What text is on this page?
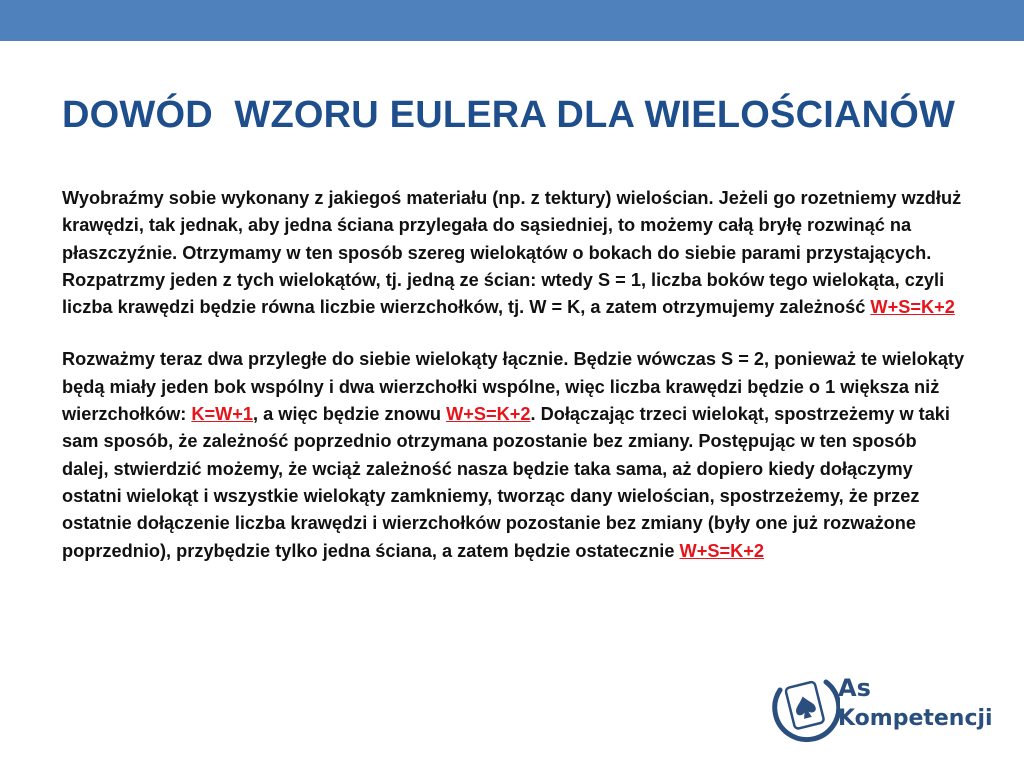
DOWÓD  WZORU EULERA DLA WIELOŚCIANÓW

Wyobraźmy sobie wykonany z jakiegoś materiału (np. z tektury) wielościan. Jeżeli go rozetniemy wzdłuż krawędzi, tak jednak, aby jedna ściana przylegała do sąsiedniej, to możemy całą bryłę rozwinąć na płaszczyźnie. Otrzymamy w ten sposób szereg wielokątów o bokach do siebie parami przystających. Rozpatrzmy jeden z tych wielokątów, tj. jedną ze ścian: wtedy S = 1, liczba boków tego wielokąta, czyli liczba krawędzi będzie równa liczbie wierzchołków, tj. W = K, a zatem otrzymujemy zależność W+S=K+2

Rozważmy teraz dwa przyległe do siebie wielokąty łącznie. Będzie wówczas S = 2, ponieważ te wielokąty będą miały jeden bok wspólny i dwa wierzchołki wspólne, więc liczba krawędzi będzie o 1 większa niż wierzchołków: K=W+1, a więc będzie znowu W+S=K+2. Dołączając trzeci wielokąt, spostrzeżemy w taki sam sposób, że zależność poprzednio otrzymana pozostanie bez zmiany. Postępując w ten sposób dalej, stwierdzić możemy, że wciąż zależność nasza będzie taka sama, aż dopiero kiedy dołączymy ostatni wielokąt i wszystkie wielokąty zamkniemy, tworząc dany wielościan, spostrzeżemy, że przez ostatnie dołączenie liczba krawędzi i wierzchołków pozostanie bez zmiany (były one już rozważone poprzednio), przybędzie tylko jedna ściana, a zatem będzie ostatecznie W+S=K+2

As
Kompetencji
